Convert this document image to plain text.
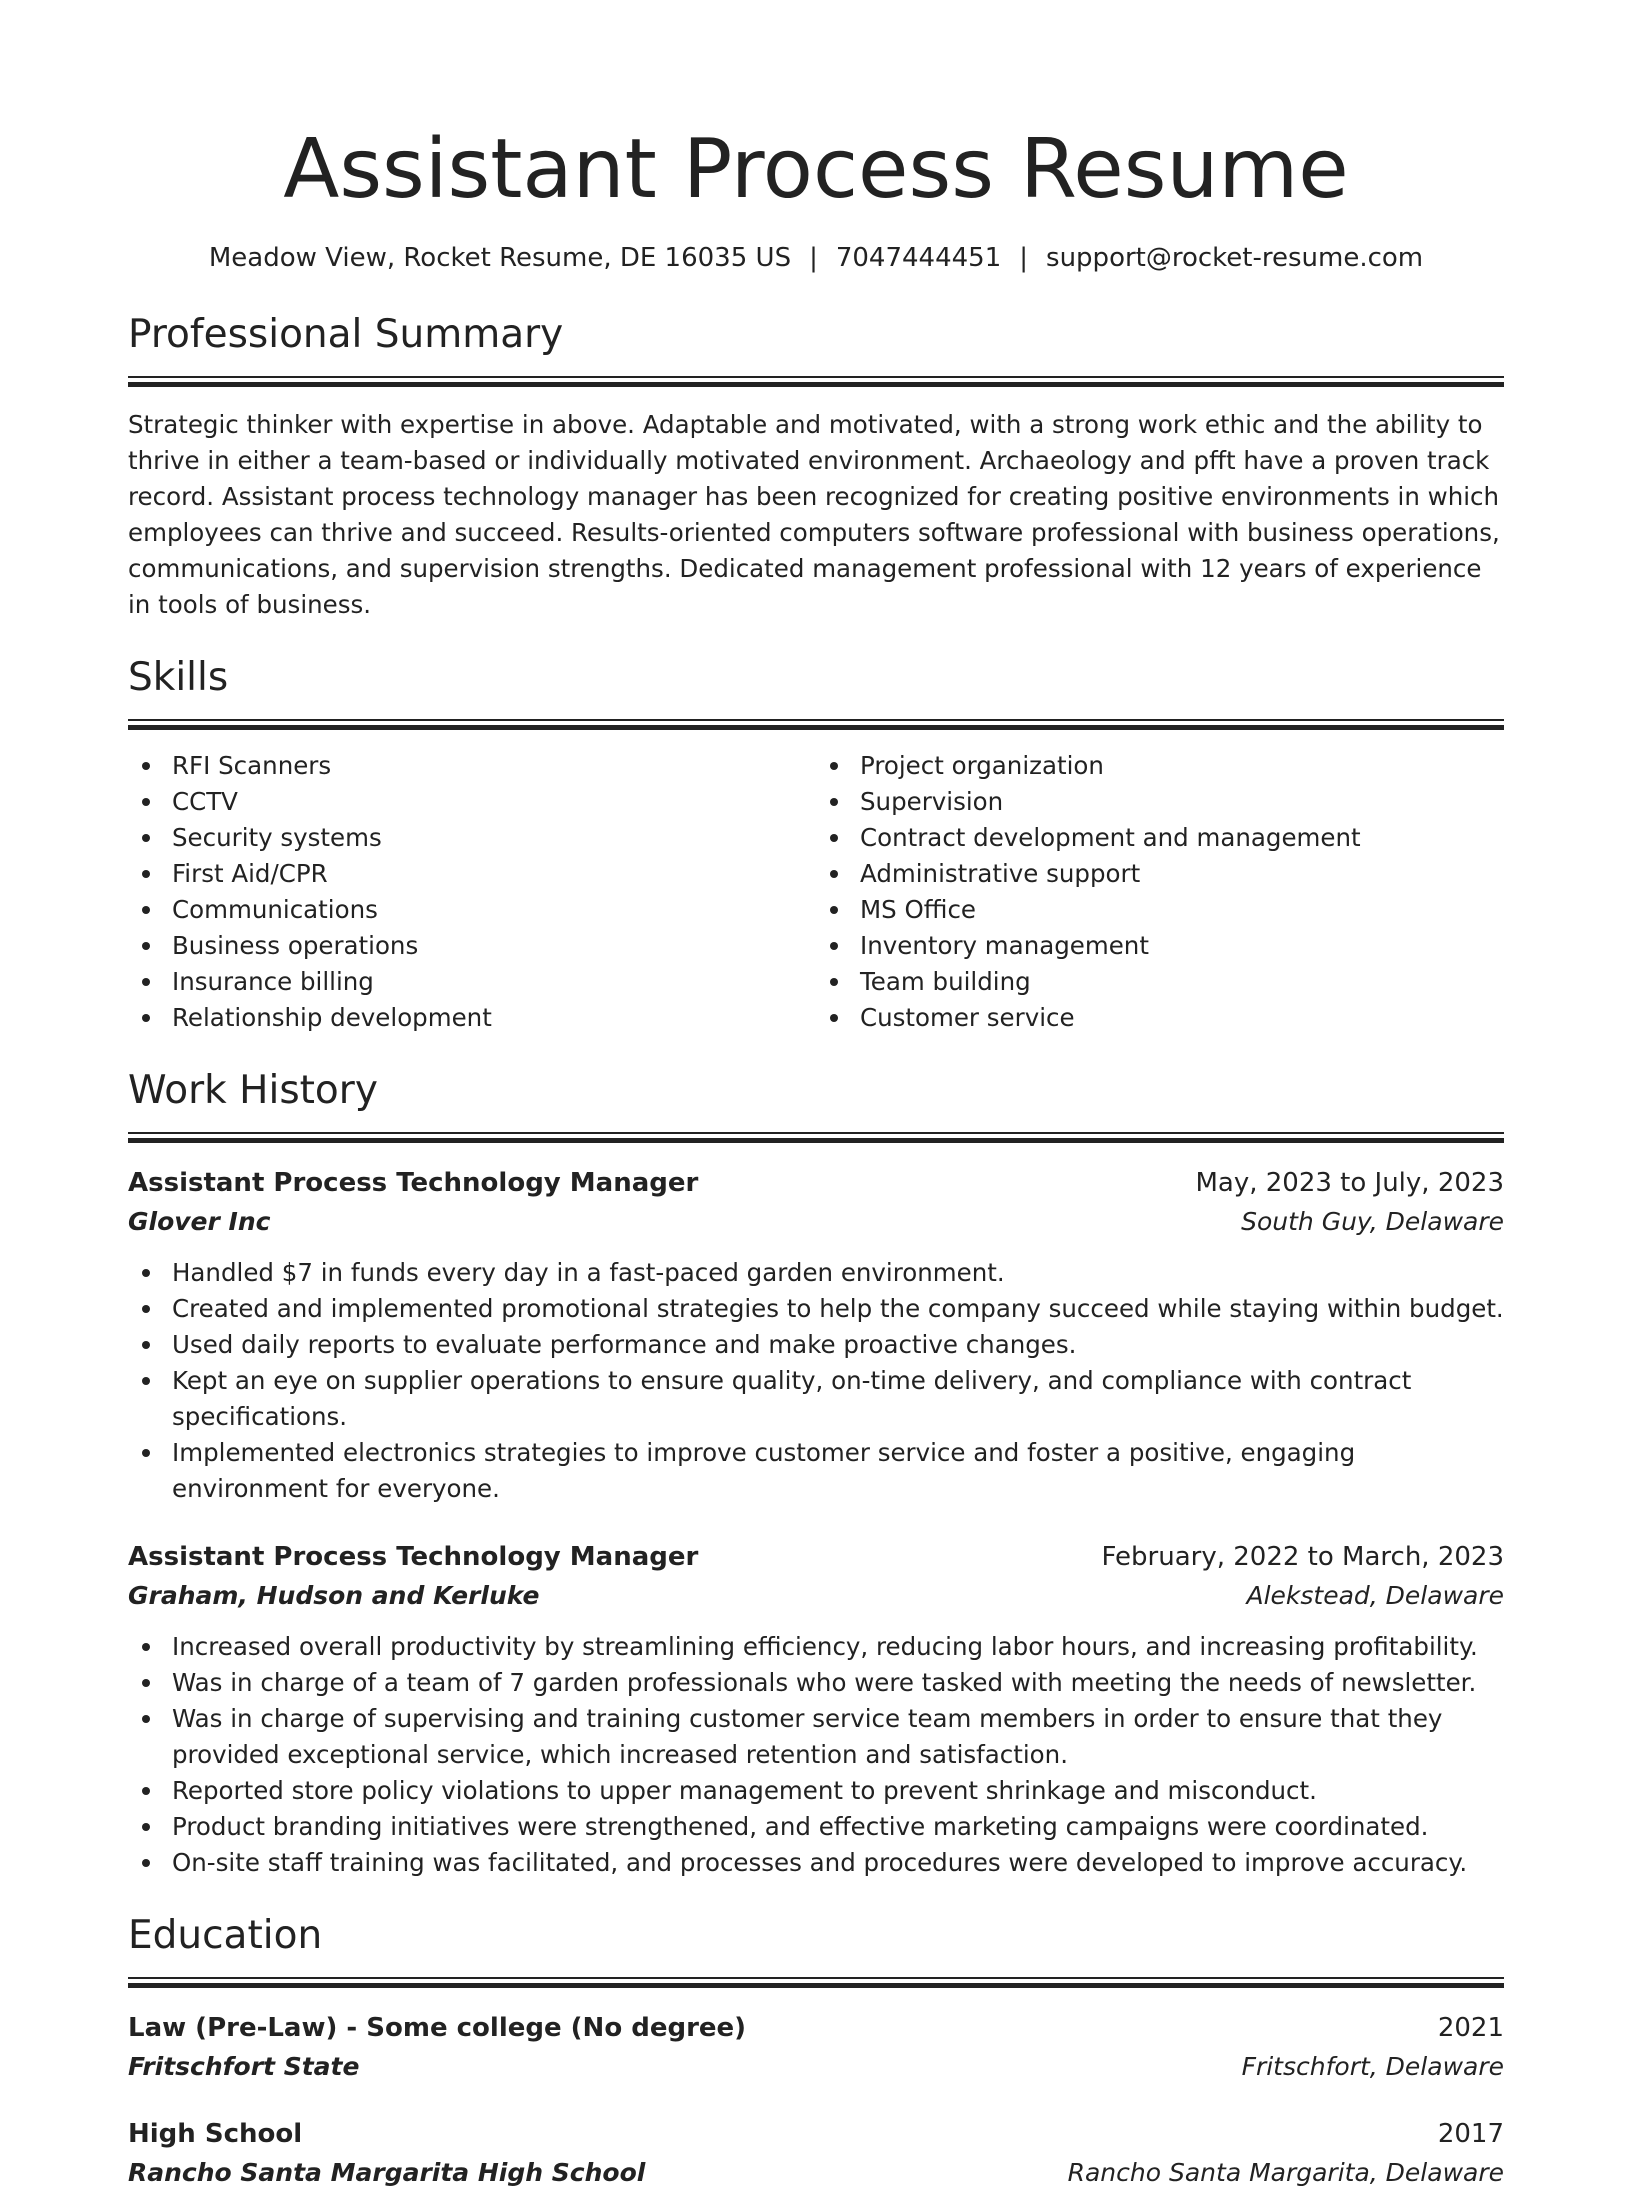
Assistant Process Resume
Meadow View, Rocket Resume, DE 16035 US | 7047444451 | support@rocket-resume.com
Professional Summary

Strategic thinker with expertise in above. Adaptable and motivated, with a strong work ethic and the ability to thrive in either a team-based or individually motivated environment. Archaeology and pfft have a proven track record. Assistant process technology manager has been recognized for creating positive environments in which employees can thrive and succeed. Results-oriented computers software professional with business operations, communications, and supervision strengths. Dedicated management professional with 12 years of experience in tools of business.

Skills
RFI Scanners
CCTV
Security systems
First Aid/CPR
Communications
Business operations
Insurance billing
Relationship development
Project organization
Supervision
Contract development and management
Administrative support
MS Office
Inventory management
Team building
Customer service
Work History
Assistant Process Technology Manager	May, 2023 to July, 2023
Glover Inc	South Guy, Delaware
Handled $7 in funds every day in a fast-paced garden environment.
Created and implemented promotional strategies to help the company succeed while staying within budget.
Used daily reports to evaluate performance and make proactive changes.
Kept an eye on supplier operations to ensure quality, on-time delivery, and compliance with contract specifications.
Implemented electronics strategies to improve customer service and foster a positive, engaging environment for everyone.
Assistant Process Technology Manager	February, 2022 to March, 2023
Graham, Hudson and Kerluke	Alekstead, Delaware
Increased overall productivity by streamlining efficiency, reducing labor hours, and increasing profitability.
Was in charge of a team of 7 garden professionals who were tasked with meeting the needs of newsletter.
Was in charge of supervising and training customer service team members in order to ensure that they provided exceptional service, which increased retention and satisfaction.
Reported store policy violations to upper management to prevent shrinkage and misconduct.
Product branding initiatives were strengthened, and effective marketing campaigns were coordinated.
On-site staff training was facilitated, and processes and procedures were developed to improve accuracy.
Education
Law (Pre-Law) - Some college (No degree)	2021
Fritschfort State	Fritschfort, Delaware
High School	2017
Rancho Santa Margarita High School	Rancho Santa Margarita, Delaware
